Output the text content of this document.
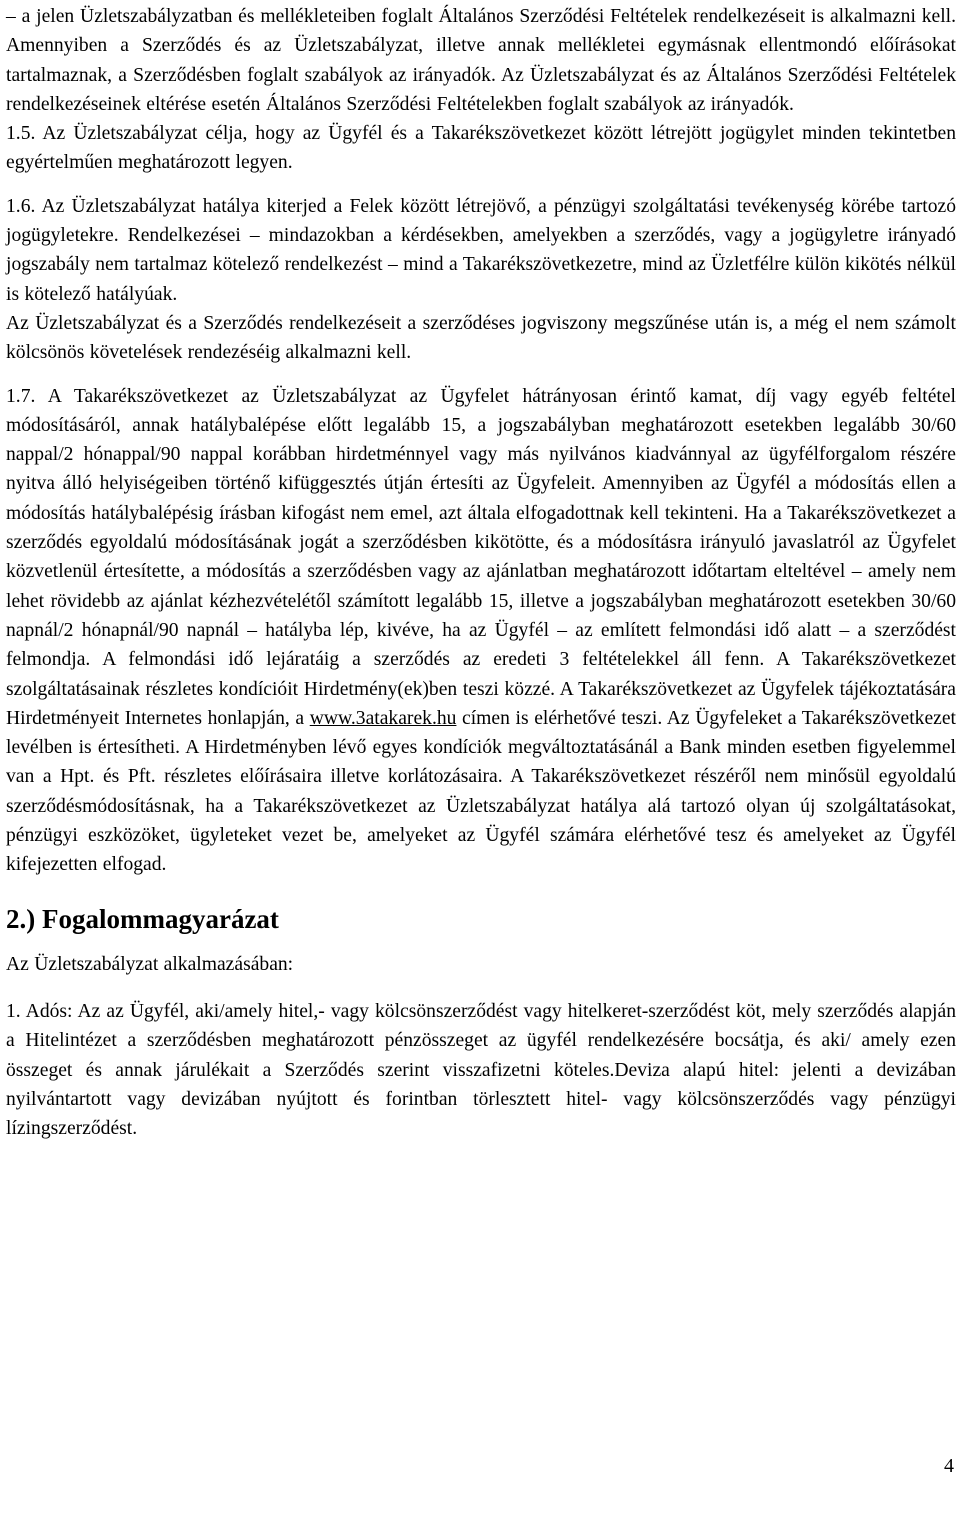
– a jelen Üzletszabályzatban és mellékleteiben foglalt Általános Szerződési Feltételek rendelkezéseit is alkalmazni kell. Amennyiben a Szerződés és az Üzletszabályzat, illetve annak mellékletei egymásnak ellentmondó előírásokat tartalmaznak, a Szerződésben foglalt szabályok az irányadók. Az Üzletszabályzat és az Általános Szerződési Feltételek rendelkezéseinek eltérése esetén Általános Szerződési Feltételekben foglalt szabályok az irányadók.

1.5. Az Üzletszabályzat célja, hogy az Ügyfél és a Takarékszövetkezet között létrejött jogügylet minden tekintetben egyértelműen meghatározott legyen.

1.6. Az Üzletszabályzat hatálya kiterjed a Felek között létrejövő, a pénzügyi szolgáltatási tevékenység körébe tartozó jogügyletekre. Rendelkezései – mindazokban a kérdésekben, amelyekben a szerződés, vagy a jogügyletre irányadó jogszabály nem tartalmaz kötelező rendelkezést – mind a Takarékszövetkezetre, mind az Üzletfélre külön kikötés nélkül is kötelező hatályúak.

Az Üzletszabályzat és a Szerződés rendelkezéseit a szerződéses jogviszony megszűnése után is, a még el nem számolt kölcsönös követelések rendezéséig alkalmazni kell.

1.7. A Takarékszövetkezet az Üzletszabályzat az Ügyfelet hátrányosan érintő kamat, díj vagy egyéb feltétel módosításáról, annak hatálybalépése előtt legalább 15, a jogszabályban meghatározott esetekben legalább 30/60 nappal/2 hónappal/90 nappal korábban hirdetménnyel vagy más nyilvános kiadvánnyal az ügyfélforgalom részére nyitva álló helyiségeiben történő kifüggesztés útján értesíti az Ügyfeleit. Amennyiben az Ügyfél a módosítás ellen a módosítás hatálybalépésig írásban kifogást nem emel, azt általa elfogadottnak kell tekinteni. Ha a Takarékszövetkezet a szerződés egyoldalú módosításának jogát a szerződésben kikötötte, és a módosításra irányuló javaslatról az Ügyfelet közvetlenül értesítette, a módosítás a szerződésben vagy az ajánlatban meghatározott időtartam elteltével – amely nem lehet rövidebb az ajánlat kézhezvételétől számított legalább 15, illetve a jogszabályban meghatározott esetekben 30/60 napnál/2 hónapnál/90 napnál – hatályba lép, kivéve, ha az Ügyfél – az említett felmondási idő alatt – a szerződést felmondja. A felmondási idő lejáratáig a szerződés az eredeti 3 feltételekkel áll fenn. A Takarékszövetkezet szolgáltatásainak részletes kondícióit Hirdetmény(ek)ben teszi közzé. A Takarékszövetkezet az Ügyfelek tájékoztatására Hirdetményeit Internetes honlapján, a www.3atakarek.hu címen is elérhetővé teszi. Az Ügyfeleket a Takarékszövetkezet levélben is értesítheti. A Hirdetményben lévő egyes kondíciók megváltoztatásánál a Bank minden esetben figyelemmel van a Hpt. és Pft. részletes előírásaira illetve korlátozásaira. A Takarékszövetkezet részéről nem minősül egyoldalú szerződésmódosításnak, ha a Takarékszövetkezet az Üzletszabályzat hatálya alá tartozó olyan új szolgáltatásokat, pénzügyi eszközöket, ügyleteket vezet be, amelyeket az Ügyfél számára elérhetővé tesz és amelyeket az Ügyfél kifejezetten elfogad.

2.) Fogalommagyarázat

Az Üzletszabályzat alkalmazásában:

1. Adós: Az az Ügyfél, aki/amely hitel,- vagy kölcsönszerződést vagy hitelkeret-szerződést köt, mely szerződés alapján a Hitelintézet a szerződésben meghatározott pénzösszeget az ügyfél rendelkezésére bocsátja, és aki/ amely ezen összeget és annak járulékait a Szerződés szerint visszafizetni köteles.Deviza alapú hitel: jelenti a devizában nyilvántartott vagy devizában nyújtott és forintban törlesztett hitel- vagy kölcsönszerződés vagy pénzügyi lízingszerződést.

4
